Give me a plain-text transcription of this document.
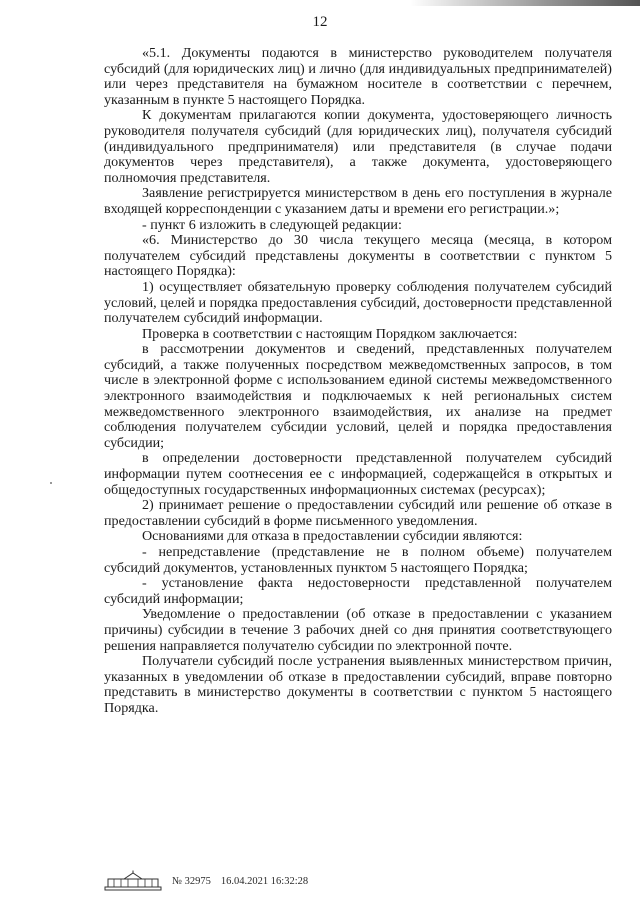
12

«5.1. Документы подаются в министерство руководителем получателя субсидий (для юридических лиц) и лично (для индивидуальных предпринимателей) или через представителя на бумажном носителе в соответствии с перечнем, указанным в пункте 5 настоящего Порядка.

К документам прилагаются копии документа, удостоверяющего личность руководителя получателя субсидий (для юридических лиц), получателя субсидий (индивидуального предпринимателя) или представителя (в случае подачи документов через представителя), а также документа, удостоверяющего полномочия представителя.

Заявление регистрируется министерством в день его поступления в журнале входящей корреспонденции с указанием даты и времени его регистрации.»;

- пункт 6 изложить в следующей редакции:

«6. Министерство до 30 числа текущего месяца (месяца, в котором получателем субсидий представлены документы в соответствии с пунктом 5 настоящего Порядка):

1) осуществляет обязательную проверку соблюдения получателем субсидий условий, целей и порядка предоставления субсидий, достоверности представленной получателем субсидий информации.

Проверка в соответствии с настоящим Порядком заключается:

в рассмотрении документов и сведений, представленных получателем субсидий, а также полученных посредством межведомственных запросов, в том числе в электронной форме с использованием единой системы межведомственного электронного взаимодействия и подключаемых к ней региональных систем межведомственного электронного взаимодействия, их анализе на предмет соблюдения получателем субсидии условий, целей и порядка предоставления субсидии;

в определении достоверности представленной получателем субсидий информации путем соотнесения ее с информацией, содержащейся в открытых и общедоступных государственных информационных системах (ресурсах);

2) принимает решение о предоставлении субсидий или решение об отказе в предоставлении субсидий в форме письменного уведомления.

Основаниями для отказа в предоставлении субсидии являются:

- непредставление (представление не в полном объеме) получателем субсидий документов, установленных пунктом 5 настоящего Порядка;

- установление факта недостоверности представленной получателем субсидий информации;

Уведомление о предоставлении (об отказе в предоставлении с указанием причины) субсидии в течение 3 рабочих дней со дня принятия соответствующего решения направляется получателю субсидии по электронной почте.

Получатели субсидий после устранения выявленных министерством причин, указанных в уведомлении об отказе в предоставлении субсидий, вправе повторно представить в министерство документы в соответствии с пунктом 5 настоящего Порядка.

№ 32975 16.04.2021 16:32:28
